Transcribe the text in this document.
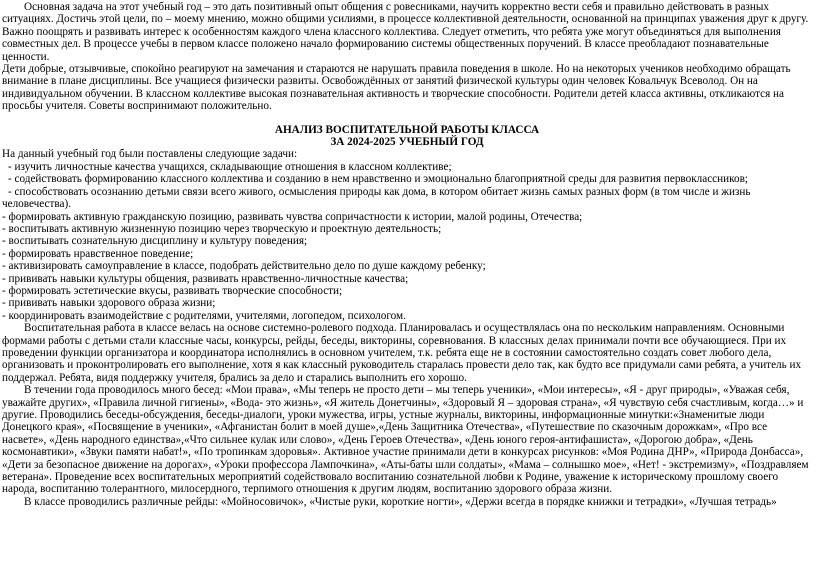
Основная задача на этот учебный год – это дать позитивный опыт общения с ровесниками, научить корректно вести себя и правильно действовать в разных ситуациях. Достичь этой цели, по – моему мнению, можно общими усилиями, в процессе коллективной деятельности, основанной на принципах уважения друг к другу. Важно поощрять и развивать интерес к особенностям каждого члена классного коллектива. Следует отметить, что ребята уже могут объединяться для выполнения совместных дел. В процессе учебы в первом классе положено начало формированию системы общественных поручений. В классе преобладают познавательные ценности.

Дети добрые, отзывчивые, спокойно реагируют на замечания и стараются не нарушать правила поведения в школе. Но на некоторых учеников необходимо обращать внимание в плане дисциплины. Все учащиеся физически развиты. Освобождённых от занятий физической культуры один человек Ковальчук Всеволод. Он на индивидуальном обучении. В классном коллективе высокая познавательная активность и творческие способности. Родители детей класса активны, откликаются на просьбы учителя. Советы воспринимают положительно.

АНАЛИЗ ВОСПИТАТЕЛЬНОЙ РАБОТЫ КЛАССА
ЗА 2024-2025 УЧЕБНЫЙ ГОД

На данный учебный год были поставлены следующие задачи:

- изучить личностные качества учащихся, складывающие отношения в классном коллективе;

- содействовать формированию классного коллектива и созданию в нем нравственно и эмоционально благоприятной среды для развития первоклассников;

- способствовать осознанию детьми связи всего живого, осмысления природы как дома, в котором обитает жизнь самых разных форм (в том числе и жизнь человечества).

- формировать активную гражданскую позицию, развивать чувства сопричастности к истории, малой родины, Отечества;

- воспитывать активную жизненную позицию через творческую и проектную деятельность;

- воспитывать сознательную дисциплину и культуру поведения;

- формировать нравственное поведение;

- активизировать самоуправление в классе, подобрать действительно дело по душе каждому ребенку;

- прививать навыки культуры общения, развивать нравственно-личностные качества;

- формировать эстетические вкусы, развивать творческие способности;

- прививать навыки здорового образа жизни;

- координировать взаимодействие с родителями, учителями, логопедом, психологом.

Воспитательная работа в классе велась на основе системно-ролевого подхода. Планировалась и осуществлялась она по нескольким направлениям. Основными формами работы с детьми стали классные часы, конкурсы, рейды, беседы, викторины, соревнования. В классных делах принимали почти все обучающиеся. При их проведении функции организатора и координатора исполнялись в основном учителем, т.к. ребята еще не в состоянии самостоятельно создать совет любого дела, организовать и проконтролировать его выполнение, хотя я как классный руководитель старалась провести дело так, как будто все придумали сами ребята, а учитель их поддержал. Ребята, видя поддержку учителя, брались за дело и старались выполнить его хорошо.

В течении года проводилось много бесед: «Мои права», «Мы теперь не просто дети – мы теперь ученики», «Мои интересы», «Я - друг природы», «Уважая себя, уважайте других», «Правила личной гигиены», «Вода- это жизнь», «Я житель Донетчины», «Здоровый Я – здоровая страна», «Я чувствую себя счастливым, когда…» и другие. Проводились беседы-обсуждения, беседы-диалоги, уроки мужества, игры, устные журналы, викторины, информационные минутки:«Знаменитые люди Донецкого края», «Посвящение в ученики», «Афганистан болит в моей душе»,«День Защитника Отечества», «Путешествие по сказочным дорожкам», «Про все насвете», «День народного единства»,«Что сильнее кулак или слово», «День Героев Отечества», «День юного героя-антифашиста», «Дорогою добра», «День космонавтики», «Звуки памяти набат!», «По тропинкам здоровья». Активное участие принимали дети в конкурсах рисунков: «Моя Родина ДНР», «Природа Донбасса», «Дети за безопасное движение на дорогах», «Уроки профессора Лампочкина», «Аты-баты шли солдаты», «Мама – солнышко мое», «Нет! - экстремизму», «Поздравляем ветерана». Проведение всех воспитательных мероприятий содействовало воспитанию сознательной любви к Родине, уважение к историческому прошлому своего народа, воспитанию толерантного, милосердного, терпимого отношения к другим людям, воспитанию здорового образа жизни.

В классе проводились различные рейды: «Мойносовичок», «Чистые руки, короткие ногти», «Держи всегда в порядке книжки и тетрадки», «Лучшая тетрадь»
